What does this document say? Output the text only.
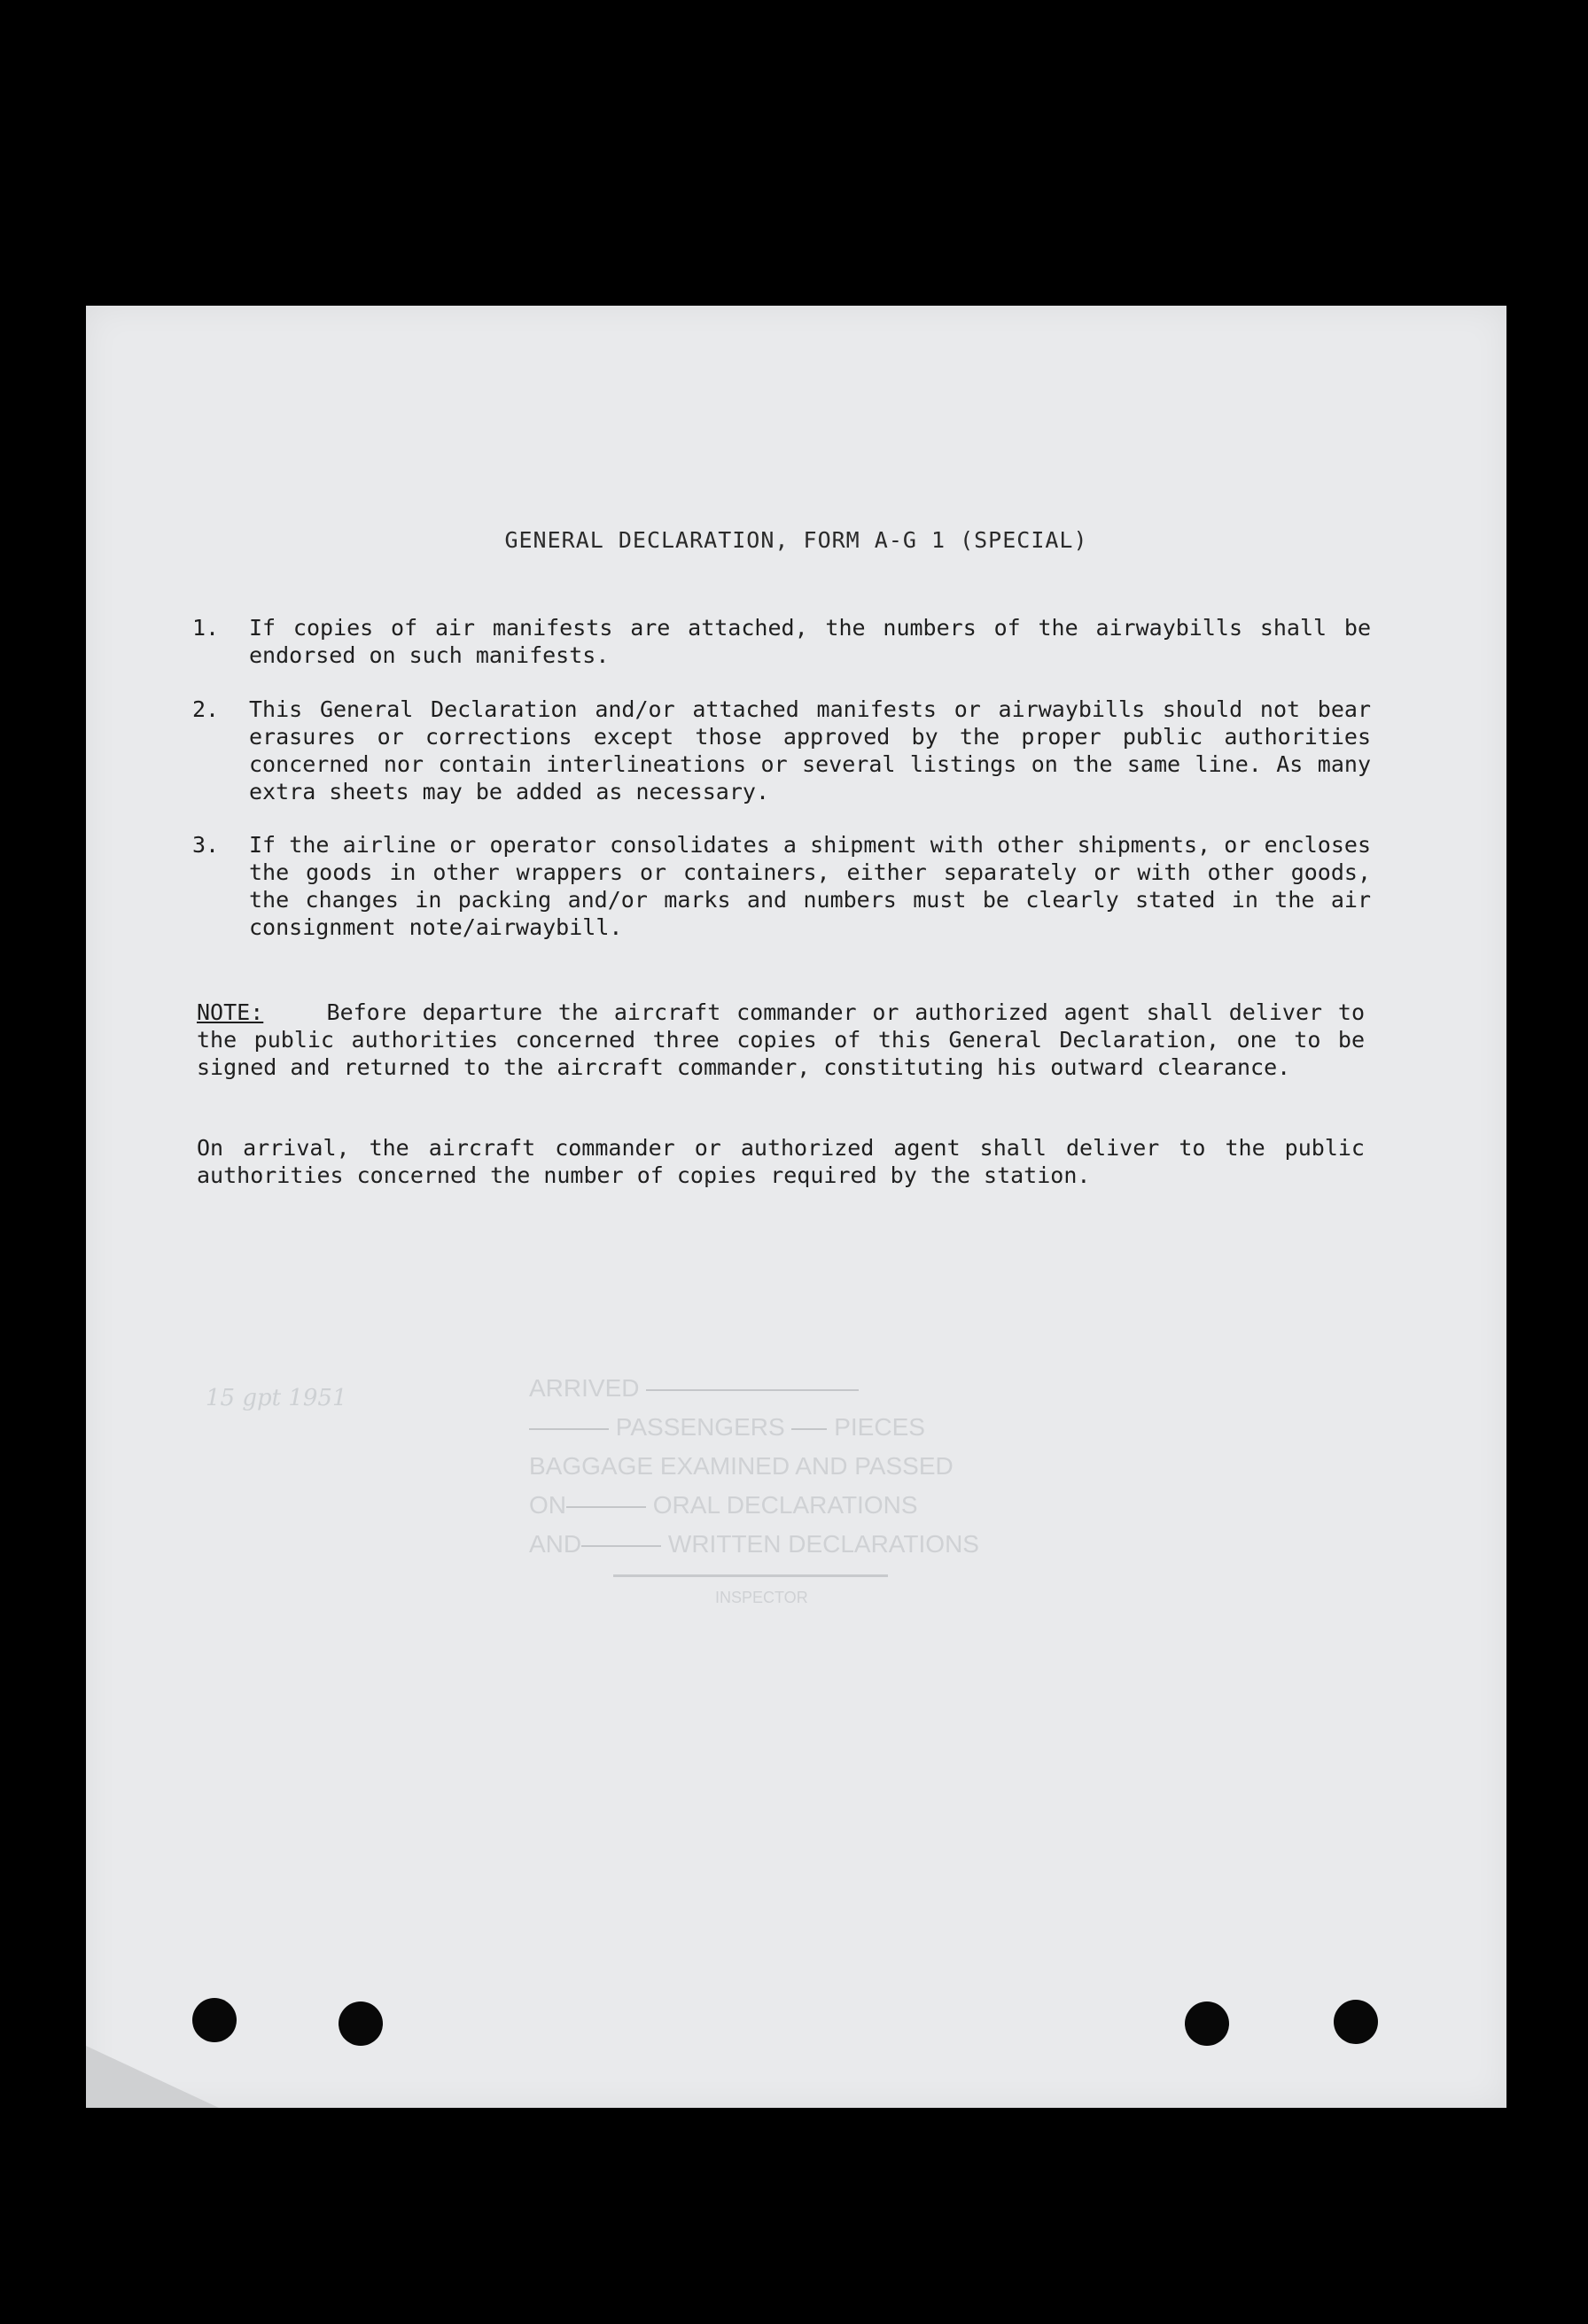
GENERAL DECLARATION, FORM A-G 1 (SPECIAL)
1. If copies of air manifests are attached, the numbers of the airwaybills shall be endorsed on such manifests.
2. This General Declaration and/or attached manifests or airwaybills should not bear erasures or corrections except those approved by the proper public authorities concerned nor contain interlineations or several listings on the same line. As many extra sheets may be added as necessary.
3. If the airline or operator consolidates a shipment with other shipments, or encloses the goods in other wrappers or containers, either separately or with other goods, the changes in packing and/or marks and numbers must be clearly stated in the air consignment note/airwaybill.
NOTE:	Before departure the aircraft commander or authorized agent shall deliver to the public authorities concerned three copies of this General Declaration, one to be signed and returned to the aircraft commander, constituting his outward clearance.
On arrival, the aircraft commander or authorized agent shall deliver to the public authorities concerned the number of copies required by the station.
15 gpt 1951	ARRIVED
PASSENGERS PIECES
BAGGAGE EXAMINED AND PASSED
ON	ORAL DECLARATIONS
AND	WRITTEN DECLARATIONS
INSPECTOR
